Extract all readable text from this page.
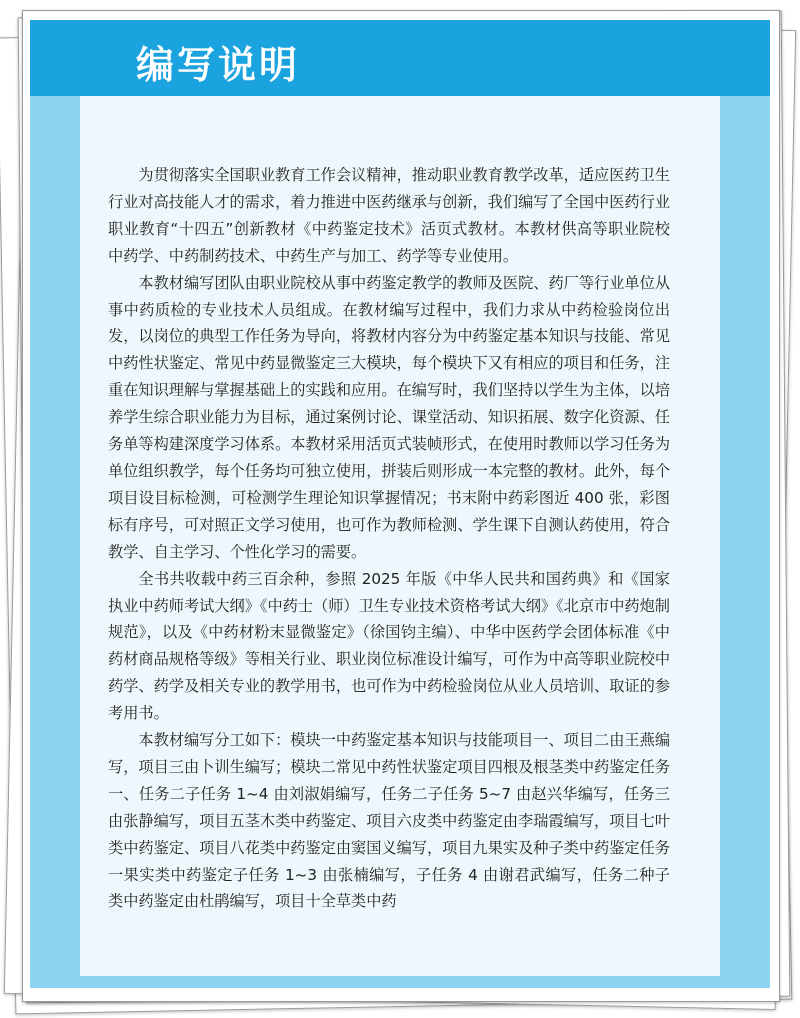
编写说明

为贯彻落实全国职业教育工作会议精神，推动职业教育教学改革，适应医药卫生行业对高技能人才的需求，着力推进中医药继承与创新，我们编写了全国中医药行业职业教育“十四五”创新教材《中药鉴定技术》活页式教材。本教材供高等职业院校中药学、中药制药技术、中药生产与加工、药学等专业使用。

本教材编写团队由职业院校从事中药鉴定教学的教师及医院、药厂等行业单位从事中药质检的专业技术人员组成。在教材编写过程中，我们力求从中药检验岗位出发，以岗位的典型工作任务为导向，将教材内容分为中药鉴定基本知识与技能、常见中药性状鉴定、常见中药显微鉴定三大模块，每个模块下又有相应的项目和任务，注重在知识理解与掌握基础上的实践和应用。在编写时，我们坚持以学生为主体，以培养学生综合职业能力为目标，通过案例讨论、课堂活动、知识拓展、数字化资源、任务单等构建深度学习体系。本教材采用活页式装帧形式，在使用时教师以学习任务为单位组织教学，每个任务均可独立使用，拼装后则形成一本完整的教材。此外，每个项目设目标检测，可检测学生理论知识掌握情况；书末附中药彩图近 400 张，彩图标有序号，可对照正文学习使用，也可作为教师检测、学生课下自测认药使用，符合教学、自主学习、个性化学习的需要。

全书共收载中药三百余种，参照 2025 年版《中华人民共和国药典》和《国家执业中药师考试大纲》《中药士（师）卫生专业技术资格考试大纲》《北京市中药炮制规范》，以及《中药材粉末显微鉴定》（徐国钧主编）、中华中医药学会团体标准《中药材商品规格等级》等相关行业、职业岗位标准设计编写，可作为中高等职业院校中药学、药学及相关专业的教学用书，也可作为中药检验岗位从业人员培训、取证的参考用书。

本教材编写分工如下：模块一中药鉴定基本知识与技能项目一、项目二由王燕编写，项目三由卜训生编写；模块二常见中药性状鉴定项目四根及根茎类中药鉴定任务一、任务二子任务 1~4 由刘淑娟编写，任务二子任务 5~7 由赵兴华编写，任务三由张静编写，项目五茎木类中药鉴定、项目六皮类中药鉴定由李瑞霞编写，项目七叶类中药鉴定、项目八花类中药鉴定由窦国义编写，项目九果实及种子类中药鉴定任务一果实类中药鉴定子任务 1~3 由张楠编写，子任务 4 由谢君武编写，任务二种子类中药鉴定由杜鹃编写，项目十全草类中药
